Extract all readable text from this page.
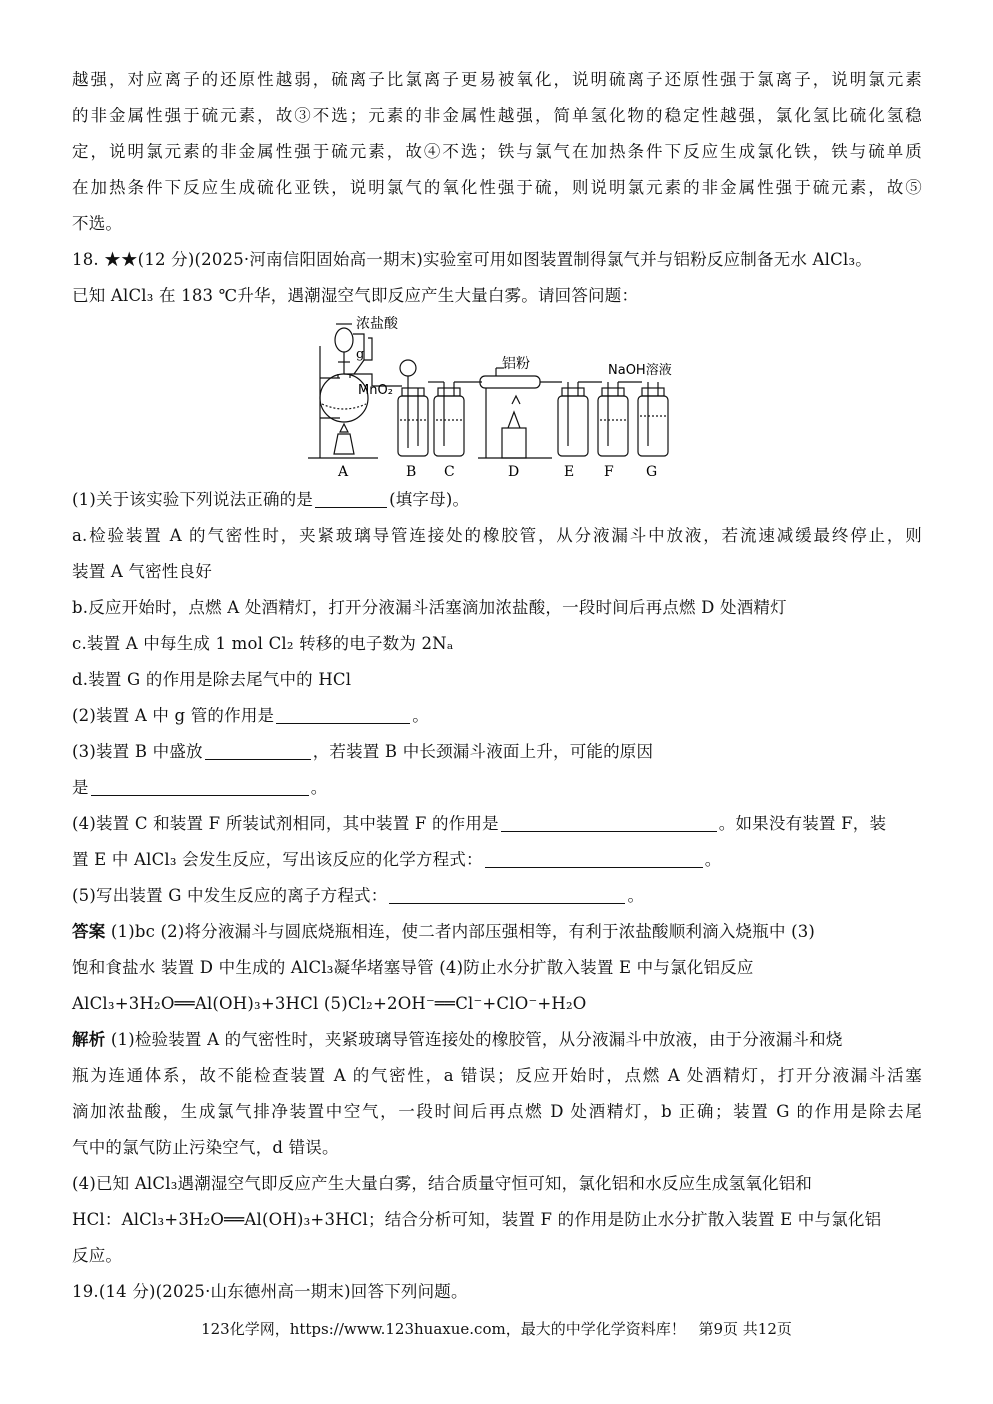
越强，对应离子的还原性越弱，硫离子比氯离子更易被氧化，说明硫离子还原性强于氯离子，说明氯元素
的非金属性强于硫元素，故③不选；元素的非金属性越强，简单氢化物的稳定性越强，氯化氢比硫化氢稳
定，说明氯元素的非金属性强于硫元素，故④不选；铁与氯气在加热条件下反应生成氯化铁，铁与硫单质
在加热条件下反应生成硫化亚铁，说明氯气的氧化性强于硫，则说明氯元素的非金属性强于硫元素，故⑤
不选。
18. ★★(12 分)(2025·河南信阳固始高一期末)实验室可用如图装置制得氯气并与铝粉反应制备无水 AlCl₃。
已知 AlCl₃ 在 183 ℃升华，遇潮湿空气即反应产生大量白雾。请回答问题：
浓盐酸
g
MnO₂
铝粉	NaOH溶液
A	B C	D	E F G
(1)关于该实验下列说法正确的是	(填字母)。
a.检验装置 A 的气密性时，夹紧玻璃导管连接处的橡胶管，从分液漏斗中放液，若流速减缓最终停止，则
装置 A 气密性良好
b.反应开始时，点燃 A 处酒精灯，打开分液漏斗活塞滴加浓盐酸，一段时间后再点燃 D 处酒精灯
c.装置 A 中每生成 1 mol Cl₂ 转移的电子数为 2Nₐ
d.装置 G 的作用是除去尾气中的 HCl
(2)装置 A 中 g 管的作用是	。
(3)装置 B 中盛放	，若装置 B 中长颈漏斗液面上升，可能的原因
是	。
(4)装置 C 和装置 F 所装试剂相同，其中装置 F 的作用是	。如果没有装置 F，装
置 E 中 AlCl₃ 会发生反应，写出该反应的化学方程式：	。
(5)写出装置 G 中发生反应的离子方程式：	。
答案 (1)bc (2)将分液漏斗与圆底烧瓶相连，使二者内部压强相等，有利于浓盐酸顺利滴入烧瓶中 (3)
饱和食盐水 装置 D 中生成的 AlCl₃凝华堵塞导管 (4)防止水分扩散入装置 E 中与氯化铝反应
AlCl₃+3H₂O══Al(OH)₃+3HCl (5)Cl₂+2OH⁻══Cl⁻+ClO⁻+H₂O
解析 (1)检验装置 A 的气密性时，夹紧玻璃导管连接处的橡胶管，从分液漏斗中放液，由于分液漏斗和烧
瓶为连通体系，故不能检查装置 A 的气密性，a 错误；反应开始时，点燃 A 处酒精灯，打开分液漏斗活塞
滴加浓盐酸，生成氯气排净装置中空气，一段时间后再点燃 D 处酒精灯，b 正确；装置 G 的作用是除去尾
气中的氯气防止污染空气，d 错误。
(4)已知 AlCl₃遇潮湿空气即反应产生大量白雾，结合质量守恒可知，氯化铝和水反应生成氢氧化铝和
HCl：AlCl₃+3H₂O══Al(OH)₃+3HCl；结合分析可知，装置 F 的作用是防止水分扩散入装置 E 中与氯化铝
反应。
19.(14 分)(2025·山东德州高一期末)回答下列问题。
123化学网，https://www.123huaxue.com，最大的中学化学资料库！ 第9页 共12页
